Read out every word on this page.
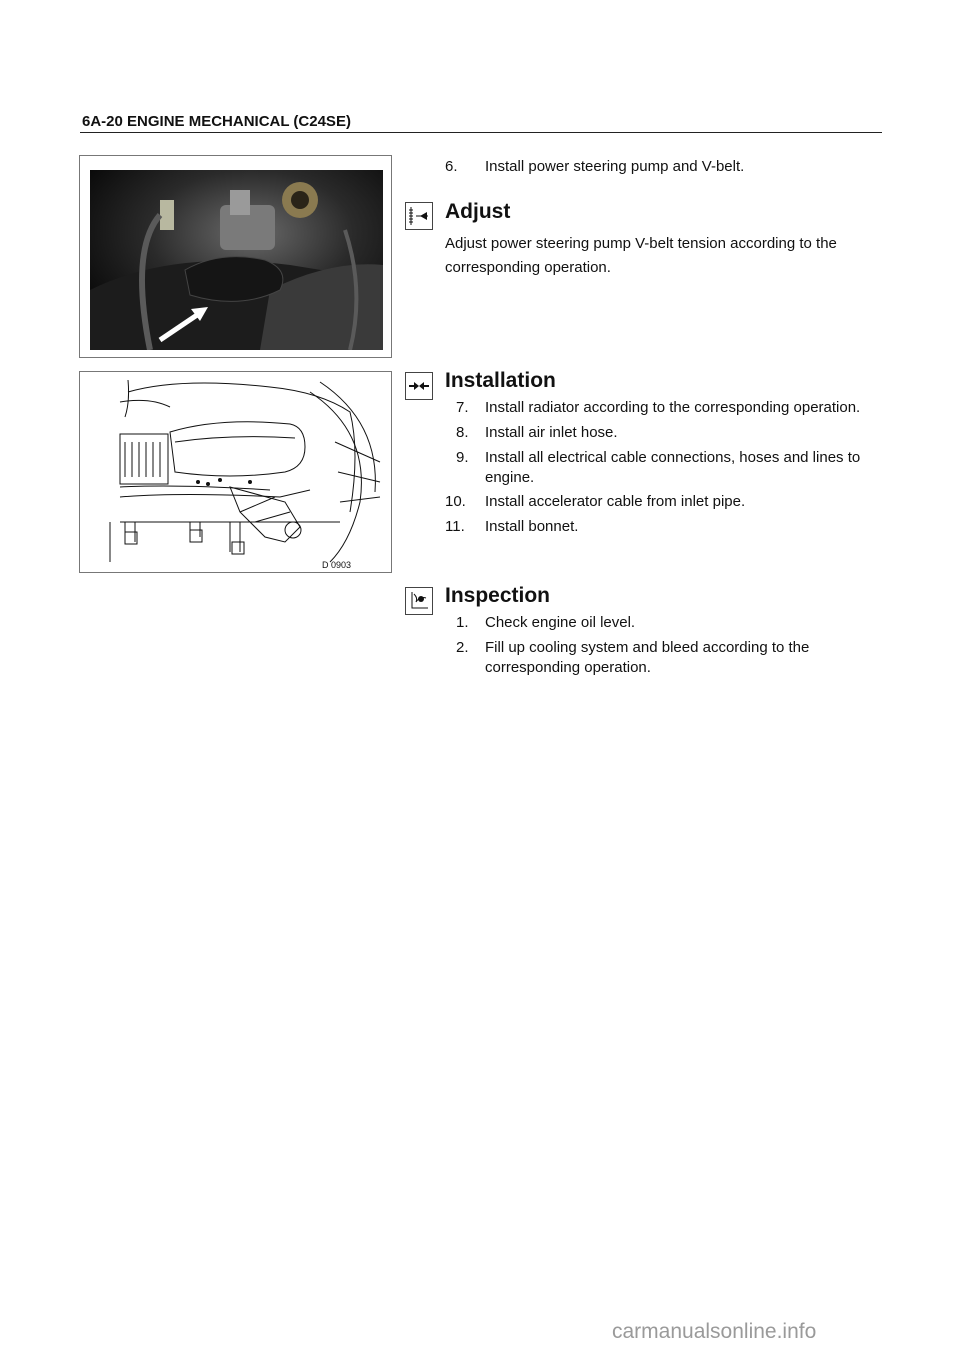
6A-20 ENGINE MECHANICAL (C24SE)
D 0903
6. Install power steering pump and V-belt.
Adjust
Adjust power steering pump V-belt tension according to the corresponding operation.
Installation
7. Install radiator according to the corresponding operation.
8. Install air inlet hose.
9. Install all electrical cable connections, hoses and lines to engine.
10. Install accelerator cable from inlet pipe.
11. Install bonnet.
Inspection
1. Check engine oil level.
2. Fill up cooling system and bleed according to the corresponding operation.
carmanualsonline.info
